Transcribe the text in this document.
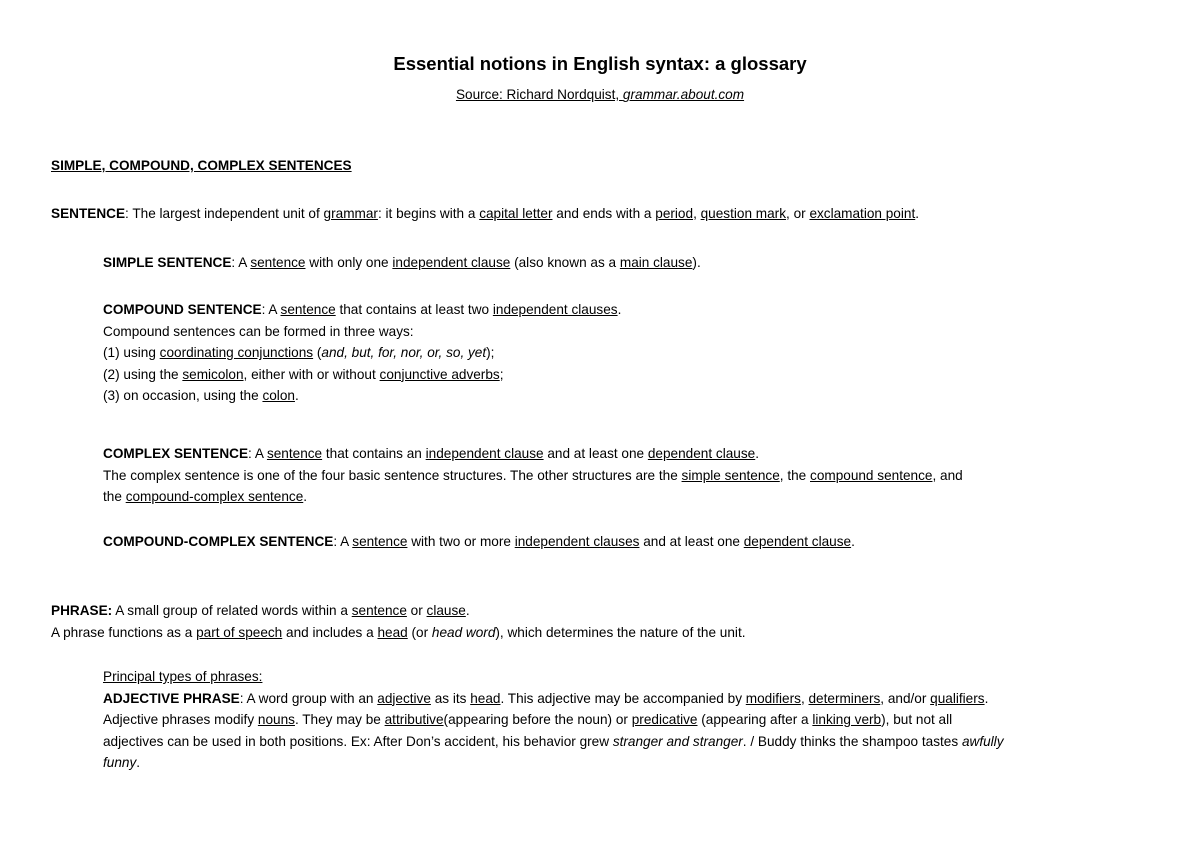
Essential notions in English syntax: a glossary
Source: Richard Nordquist, grammar.about.com
SIMPLE, COMPOUND, COMPLEX SENTENCES
SENTENCE: The largest independent unit of grammar: it begins with a capital letter and ends with a period, question mark, or exclamation point.
SIMPLE SENTENCE: A sentence with only one independent clause (also known as a main clause).
COMPOUND SENTENCE: A sentence that contains at least two independent clauses.
Compound sentences can be formed in three ways:
(1) using coordinating conjunctions (and, but, for, nor, or, so, yet);
(2) using the semicolon, either with or without conjunctive adverbs;
(3) on occasion, using the colon.
COMPLEX SENTENCE: A sentence that contains an independent clause and at least one dependent clause.
The complex sentence is one of the four basic sentence structures. The other structures are the simple sentence, the compound sentence, and
the compound-complex sentence.
COMPOUND-COMPLEX SENTENCE: A sentence with two or more independent clauses and at least one dependent clause.
PHRASE: A small group of related words within a sentence or clause.
A phrase functions as a part of speech and includes a head (or head word), which determines the nature of the unit.
Principal types of phrases:
ADJECTIVE PHRASE: A word group with an adjective as its head. This adjective may be accompanied by modifiers, determiners, and/or qualifiers.
Adjective phrases modify nouns. They may be attributive(appearing before the noun) or predicative (appearing after a linking verb), but not all
adjectives can be used in both positions. Ex: After Don’s accident, his behavior grew stranger and stranger. / Buddy thinks the shampoo tastes awfully
funny.
